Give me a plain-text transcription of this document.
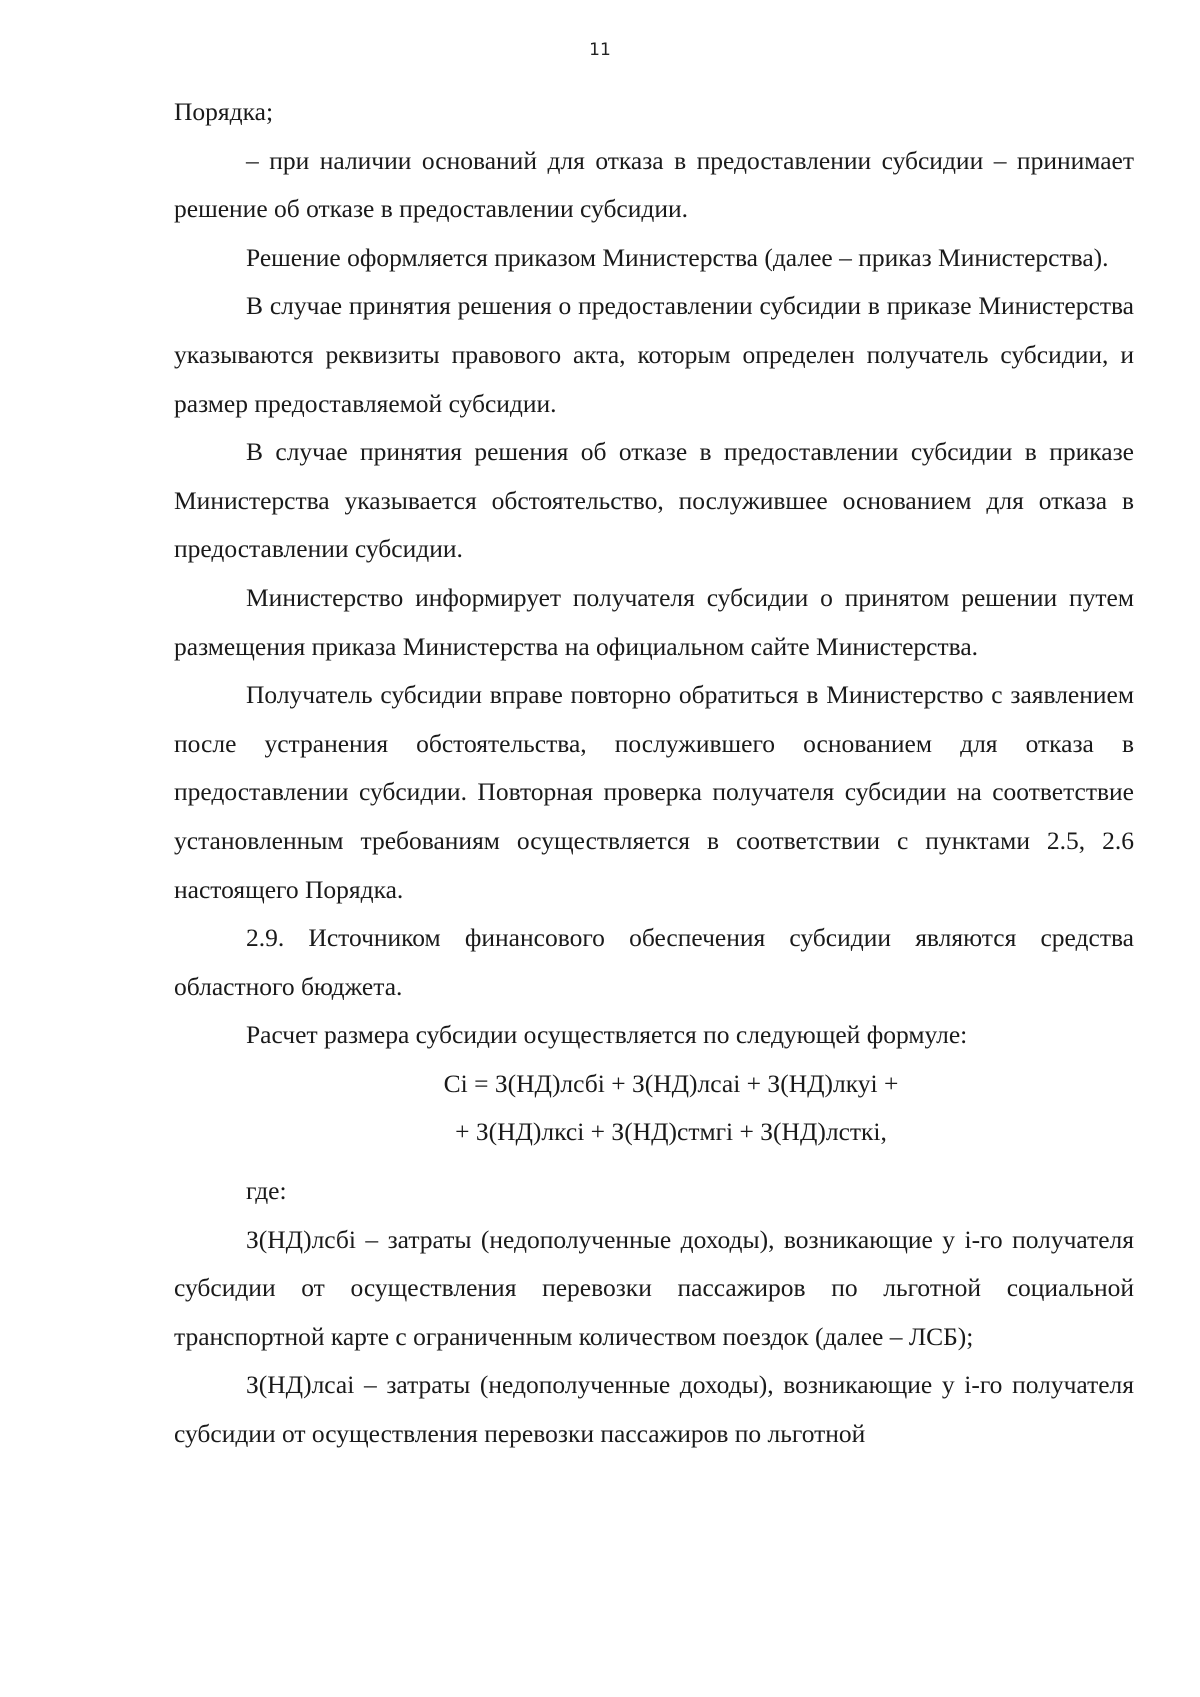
11

Порядка;

– при наличии оснований для отказа в предоставлении субсидии – принимает решение об отказе в предоставлении субсидии.

Решение оформляется приказом Министерства (далее – приказ Министерства).

В случае принятия решения о предоставлении субсидии в приказе Министерства указываются реквизиты правового акта, которым определен получатель субсидии, и размер предоставляемой субсидии.

В случае принятия решения об отказе в предоставлении субсидии в приказе Министерства указывается обстоятельство, послужившее основанием для отказа в предоставлении субсидии.

Министерство информирует получателя субсидии о принятом решении путем размещения приказа Министерства на официальном сайте Министерства.

Получатель субсидии вправе повторно обратиться в Министерство с заявлением после устранения обстоятельства, послужившего основанием для отказа в предоставлении субсидии. Повторная проверка получателя субсидии на соответствие установленным требованиям осуществляется в соответствии с пунктами 2.5, 2.6 настоящего Порядка.

2.9. Источником финансового обеспечения субсидии являются средства областного бюджета.

Расчет размера субсидии осуществляется по следующей формуле:

Сi = З(НД)лсбi + З(НД)лсаi + З(НД)лкуi +

+ З(НД)лксi + З(НД)стмгi + З(НД)лсткi,

где:

З(НД)лсбi – затраты (недополученные доходы), возникающие у i-го получателя субсидии от осуществления перевозки пассажиров по льготной социальной транспортной карте с ограниченным количеством поездок (далее – ЛСБ);

З(НД)лсаi – затраты (недополученные доходы), возникающие у i-го получателя субсидии от осуществления перевозки пассажиров по льготной
